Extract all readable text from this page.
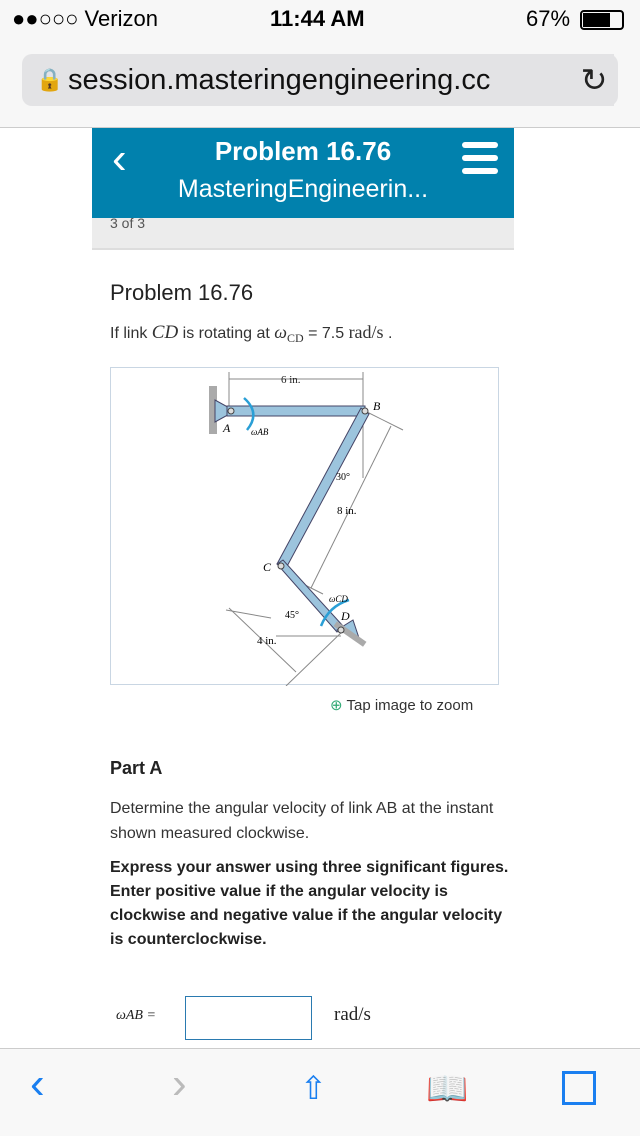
●●○○○ Verizon	11:44 AM	67%
🔒 session.masteringengineering.cc	↻
‹	Problem 16.76
MasteringEngineerin...
3 of 3
Problem 16.76
If link CD is rotating at $\omega_{CD} = 7.5$ rad/s .
6 in.
A
B
C
D
ωAB
ωCD
30°
8 in.
45°
4 in.
⊕ Tap image to zoom
Part A
Determine the angular velocity of link AB at the instant shown measured clockwise.
Express your answer using three significant figures. Enter positive value if the angular velocity is clockwise and negative value if the angular velocity is counterclockwise.
ωAB =	rad/s
‹	›	⇧	📖
